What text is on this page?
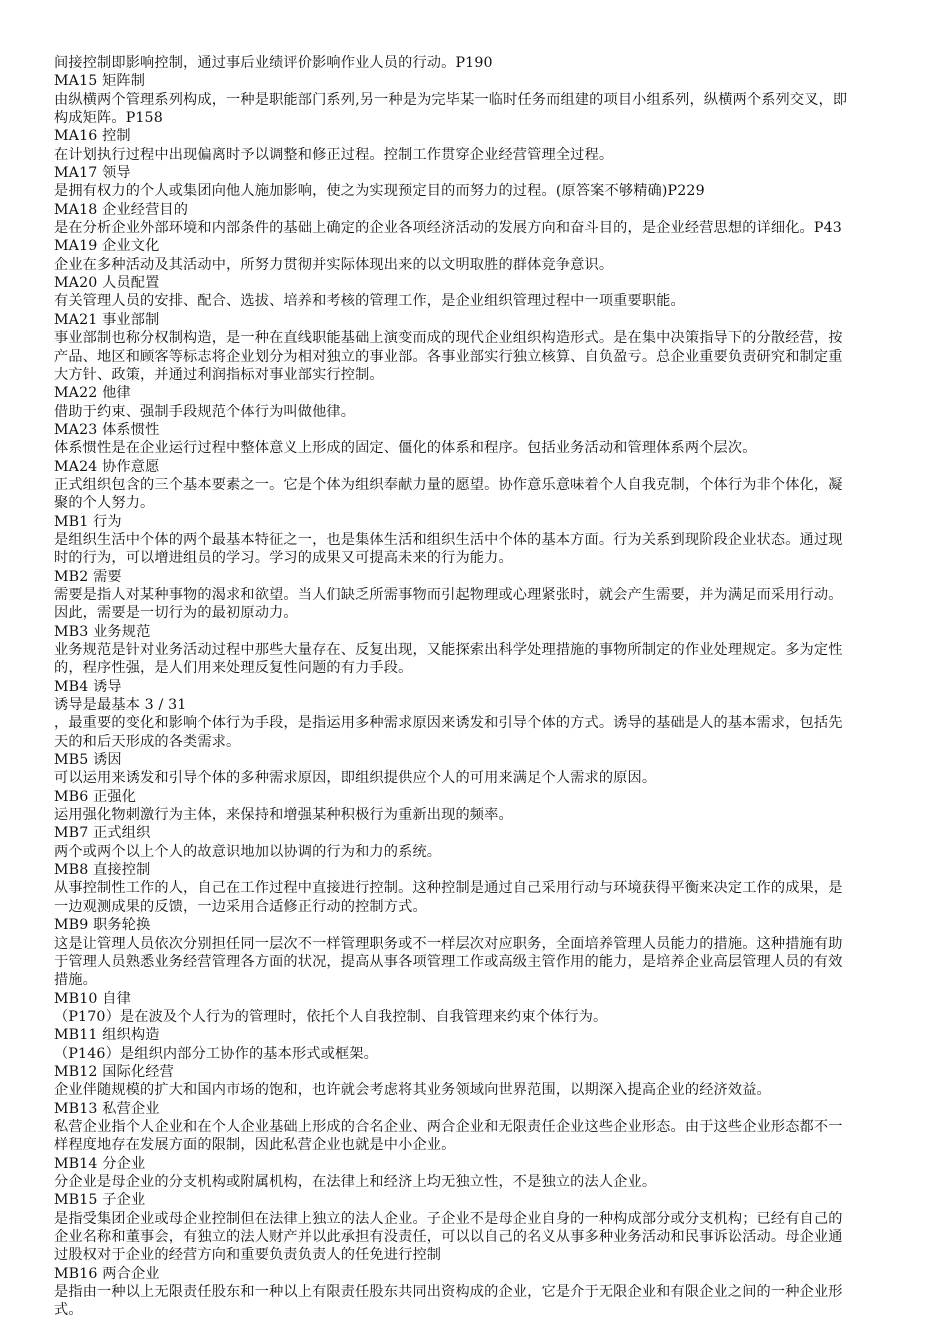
间接控制即影响控制，通过事后业绩评价影响作业人员的行动。P190
MA15 矩阵制
由纵横两个管理系列构成，一种是职能部门系列,另一种是为完毕某一临时任务而组建的项目小组系列，纵横两个系列交叉，即
构成矩阵。P158
MA16 控制
在计划执行过程中出现偏离时予以调整和修正过程。控制工作贯穿企业经营管理全过程。
MA17 领导
是拥有权力的个人或集团向他人施加影响，使之为实现预定目的而努力的过程。(原答案不够精确)P229
MA18 企业经营目的
是在分析企业外部环境和内部条件的基础上确定的企业各项经济活动的发展方向和奋斗目的，是企业经营思想的详细化。P43
MA19 企业文化
企业在多种活动及其活动中，所努力贯彻并实际体现出来的以文明取胜的群体竞争意识。
MA20 人员配置
有关管理人员的安排、配合、选拔、培养和考核的管理工作，是企业组织管理过程中一项重要职能。
MA21 事业部制
事业部制也称分权制构造，是一种在直线职能基础上演变而成的现代企业组织构造形式。是在集中决策指导下的分散经营，按
产品、地区和顾客等标志将企业划分为相对独立的事业部。各事业部实行独立核算、自负盈亏。总企业重要负责研究和制定重
大方针、政策，并通过利润指标对事业部实行控制。
MA22 他律
借助于约束、强制手段规范个体行为叫做他律。
MA23 体系惯性
体系惯性是在企业运行过程中整体意义上形成的固定、僵化的体系和程序。包括业务活动和管理体系两个层次。
MA24 协作意愿
正式组织包含的三个基本要素之一。它是个体为组织奉献力量的愿望。协作意乐意味着个人自我克制，个体行为非个体化，凝
聚的个人努力。
MB1 行为
是组织生活中个体的两个最基本特征之一，也是集体生活和组织生活中个体的基本方面。行为关系到现阶段企业状态。通过现
时的行为，可以增进组员的学习。学习的成果又可提高未来的行为能力。
MB2 需要
需要是指人对某种事物的渴求和欲望。当人们缺乏所需事物而引起物理或心理紧张时，就会产生需要，并为满足而采用行动。
因此，需要是一切行为的最初原动力。
MB3 业务规范
业务规范是针对业务活动过程中那些大量存在、反复出现，又能探索出科学处理措施的事物所制定的作业处理规定。多为定性
的，程序性强，是人们用来处理反复性问题的有力手段。
MB4 诱导
诱导是最基本 3 / 31
，最重要的变化和影响个体行为手段，是指运用多种需求原因来诱发和引导个体的方式。诱导的基础是人的基本需求，包括先
天的和后天形成的各类需求。
MB5 诱因
可以运用来诱发和引导个体的多种需求原因，即组织提供应个人的可用来满足个人需求的原因。
MB6 正强化
运用强化物刺激行为主体，来保持和增强某种积极行为重新出现的频率。
MB7 正式组织
两个或两个以上个人的故意识地加以协调的行为和力的系统。
MB8 直接控制
从事控制性工作的人，自己在工作过程中直接进行控制。这种控制是通过自己采用行动与环境获得平衡来决定工作的成果，是
一边观测成果的反馈，一边采用合适修正行动的控制方式。
MB9 职务轮换
这是让管理人员依次分别担任同一层次不一样管理职务或不一样层次对应职务，全面培养管理人员能力的措施。这种措施有助
于管理人员熟悉业务经营管理各方面的状况，提高从事各项管理工作或高级主管作用的能力，是培养企业高层管理人员的有效
措施。
MB10 自律
（P170）是在波及个人行为的管理时，依托个人自我控制、自我管理来约束个体行为。
MB11 组织构造
（P146）是组织内部分工协作的基本形式或框架。
MB12 国际化经营
企业伴随规模的扩大和国内市场的饱和，也许就会考虑将其业务领域向世界范围，以期深入提高企业的经济效益。
MB13 私营企业
私营企业指个人企业和在个人企业基础上形成的合名企业、两合企业和无限责任企业这些企业形态。由于这些企业形态都不一
样程度地存在发展方面的限制，因此私营企业也就是中小企业。
MB14 分企业
分企业是母企业的分支机构或附属机构，在法律上和经济上均无独立性，不是独立的法人企业。
MB15 子企业
是指受集团企业或母企业控制但在法律上独立的法人企业。子企业不是母企业自身的一种构成部分或分支机构；已经有自己的
企业名称和董事会，有独立的法人财产并以此承担有没责任，可以以自己的名义从事多种业务活动和民事诉讼活动。母企业通
过股权对于企业的经营方向和重要负责负责人的任免进行控制
MB16 两合企业
是指由一种以上无限责任股东和一种以上有限责任股东共同出资构成的企业，它是介于无限企业和有限企业之间的一种企业形
式。
